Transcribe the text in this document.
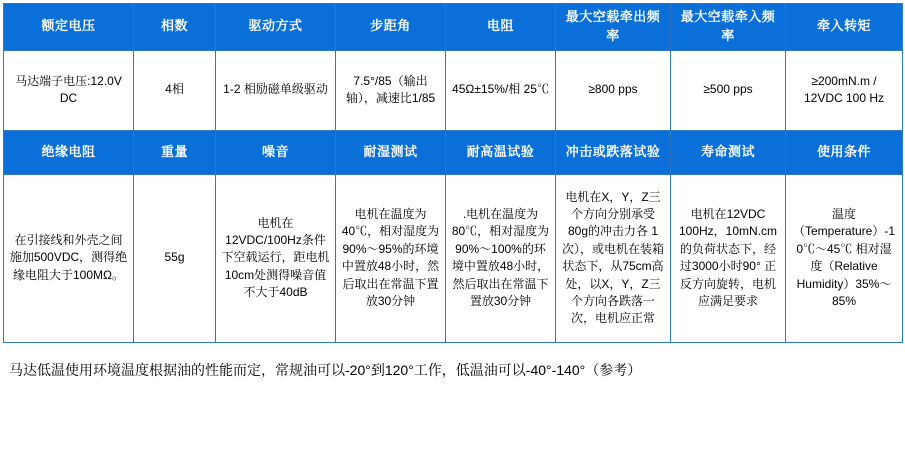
额定电压	相数	驱动方式	步距角	电阻	最大空载牵出频率	最大空载牵入频率	牵入转矩
马达端子电压:12.0V DC	4相	1-2 相励磁单级驱动	7.5°/85（输出轴），减速比1/85	45Ω±15%/相 25℃	≥800 pps	≥500 pps	≥200mN.m / 12VDC 100 Hz
绝缘电阻	重量	噪音	耐湿测试	耐高温试验	冲击或跌落试验	寿命测试	使用条件
在引接线和外壳之间施加500VDC，测得绝缘电阻大于100MΩ。	55g	电机在12VDC/100Hz条件下空载运行，距电机10cm处测得噪音值不大于40dB	电机在温度为40℃，相对湿度为90%～95%的环境中置放48小时，然后取出在常温下置放30分钟	.电机在温度为80℃，相对湿度为90%～100%的环境中置放48小时，然后取出在常温下置放30分钟	电机在X，Y，Z三个方向分别承受80g的冲击力各 1次），或电机在装箱状态下，从75cm高处，以X，Y，Z三个方向各跌落一次，电机应正常	电机在12VDC 100Hz，10mN.cm 的负荷状态下，经过3000小时90° 正反方向旋转，电机应满足要求	温度（Temperature）-10℃～45℃ 相对湿度（Relative Humidity）35%～85%
马达低温使用环境温度根据油的性能而定，常规油可以-20°到120°工作，低温油可以-40°-140°（参考）
